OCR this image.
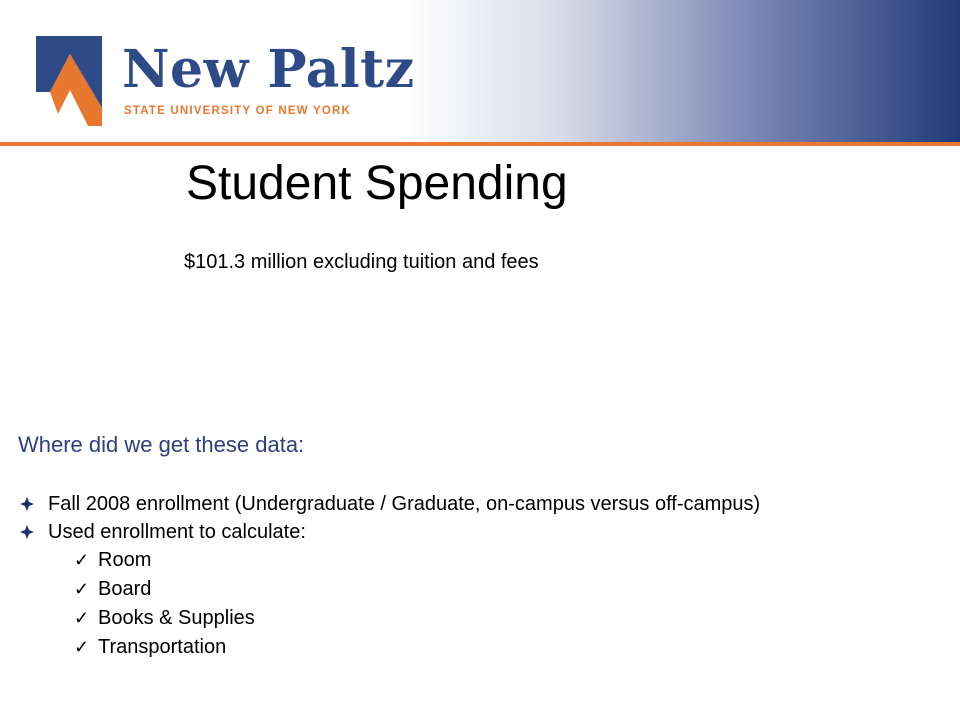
New Paltz
STATE UNIVERSITY OF NEW YORK
Student Spending
$101.3 million excluding tuition and fees
Where did we get these data:
Fall 2008 enrollment (Undergraduate / Graduate, on-campus versus off-campus)
Used enrollment to calculate:
✓ Room
✓ Board
✓ Books & Supplies
✓ Transportation
